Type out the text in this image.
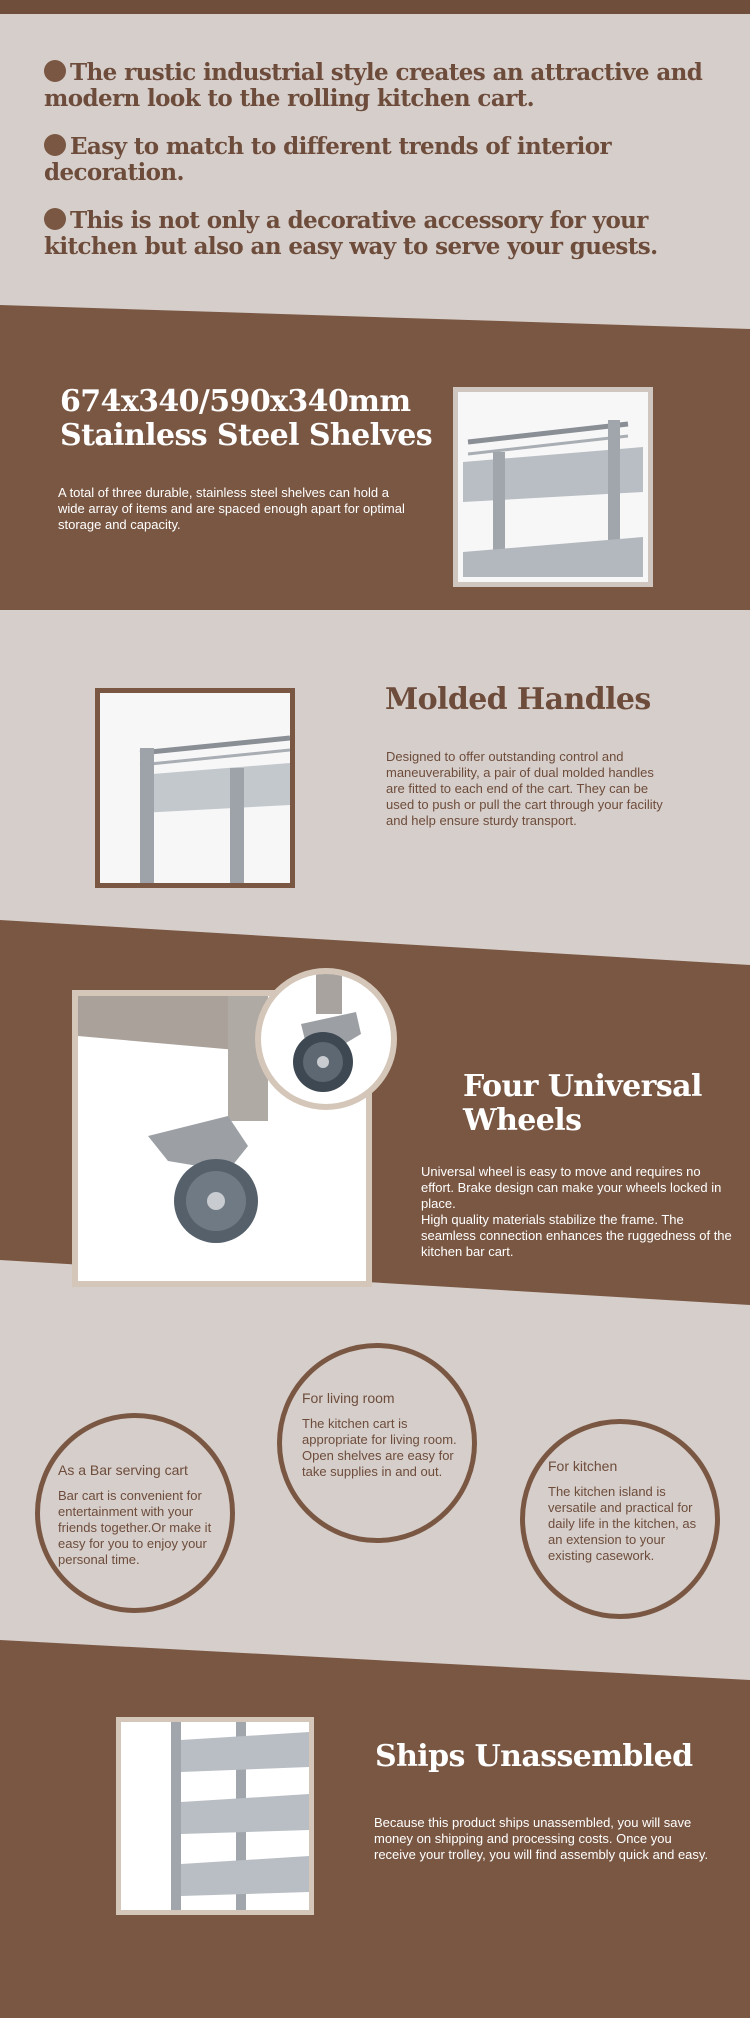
The rustic industrial style creates an attractive and modern look to the rolling kitchen cart.
Easy to match to different trends of interior decoration.
This is not only a decorative accessory for your kitchen but also an easy way to serve your guests.
674x340/590x340mm
Stainless Steel Shelves
A total of three durable, stainless steel shelves can hold a wide array of items and are spaced enough apart for optimal storage and capacity.
Molded Handles
Designed to offer outstanding control and maneuverability, a pair of dual molded handles are fitted to each end of the cart. They can be used to push or pull the cart through your facility and help ensure sturdy transport.
Four Universal
Wheels
Universal wheel is easy to move and requires no effort. Brake design can make your wheels locked in place.
High quality materials stabilize the frame. The seamless connection enhances the ruggedness of the kitchen bar cart.
As a Bar serving cart
Bar cart is convenient for entertainment with your friends together.Or make it easy for you to enjoy your personal time.
For living room
The kitchen cart is appropriate for living room. Open shelves are easy for take supplies in and out.	For kitchen
The kitchen island is versatile and practical for daily life in the kitchen, as an extension to your existing casework.
Ships Unassembled
Because this product ships unassembled, you will save money on shipping and processing costs. Once you receive your trolley, you will find assembly quick and easy.
